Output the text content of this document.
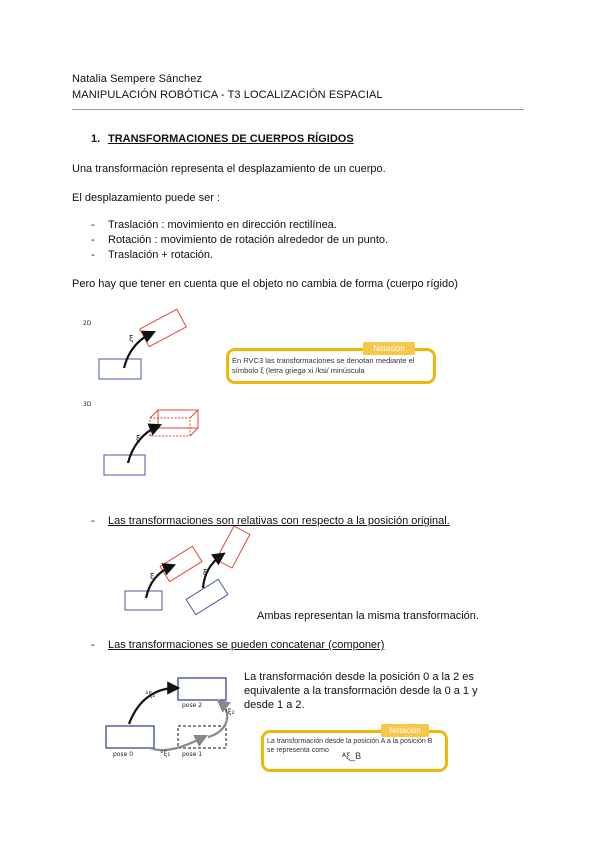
Natalia Sempere Sánchez
MANIPULACIÓN ROBÓTICA - T3 LOCALIZACIÓN ESPACIAL
1. TRANSFORMACIONES DE CUERPOS RÍGIDOS
Una transformación representa el desplazamiento de un cuerpo.
El desplazamiento puede ser :
- Traslación : movimiento en dirección rectilínea.
- Rotación : movimiento de rotación alrededor de un punto.
- Traslación + rotación.
Pero hay que tener en cuenta que el objeto no cambia de forma (cuerpo rígido)
2D
ξ
3D
ξ
Notación
En RVC3 las transformaciones se denotan mediante el
símbolo ξ (letra griega xi /ksi/ minúscula
- Las transformaciones son relativas con respecto a la posición original.
ξ	ξ
Ambas representan la misma transformación.
- Las transformaciones se pueden concatenar (componer)
La transformación desde la posición 0 a la 2 es
equivalente a la transformación desde la 0 a 1 y
desde 1 a 2.
°ξ₂
°ξ₁
¹ξ₂
pose 2
pose 0	pose 1
Notación
La transformación desde la posición A a la posición B
se representa como
ᴬξ_B
